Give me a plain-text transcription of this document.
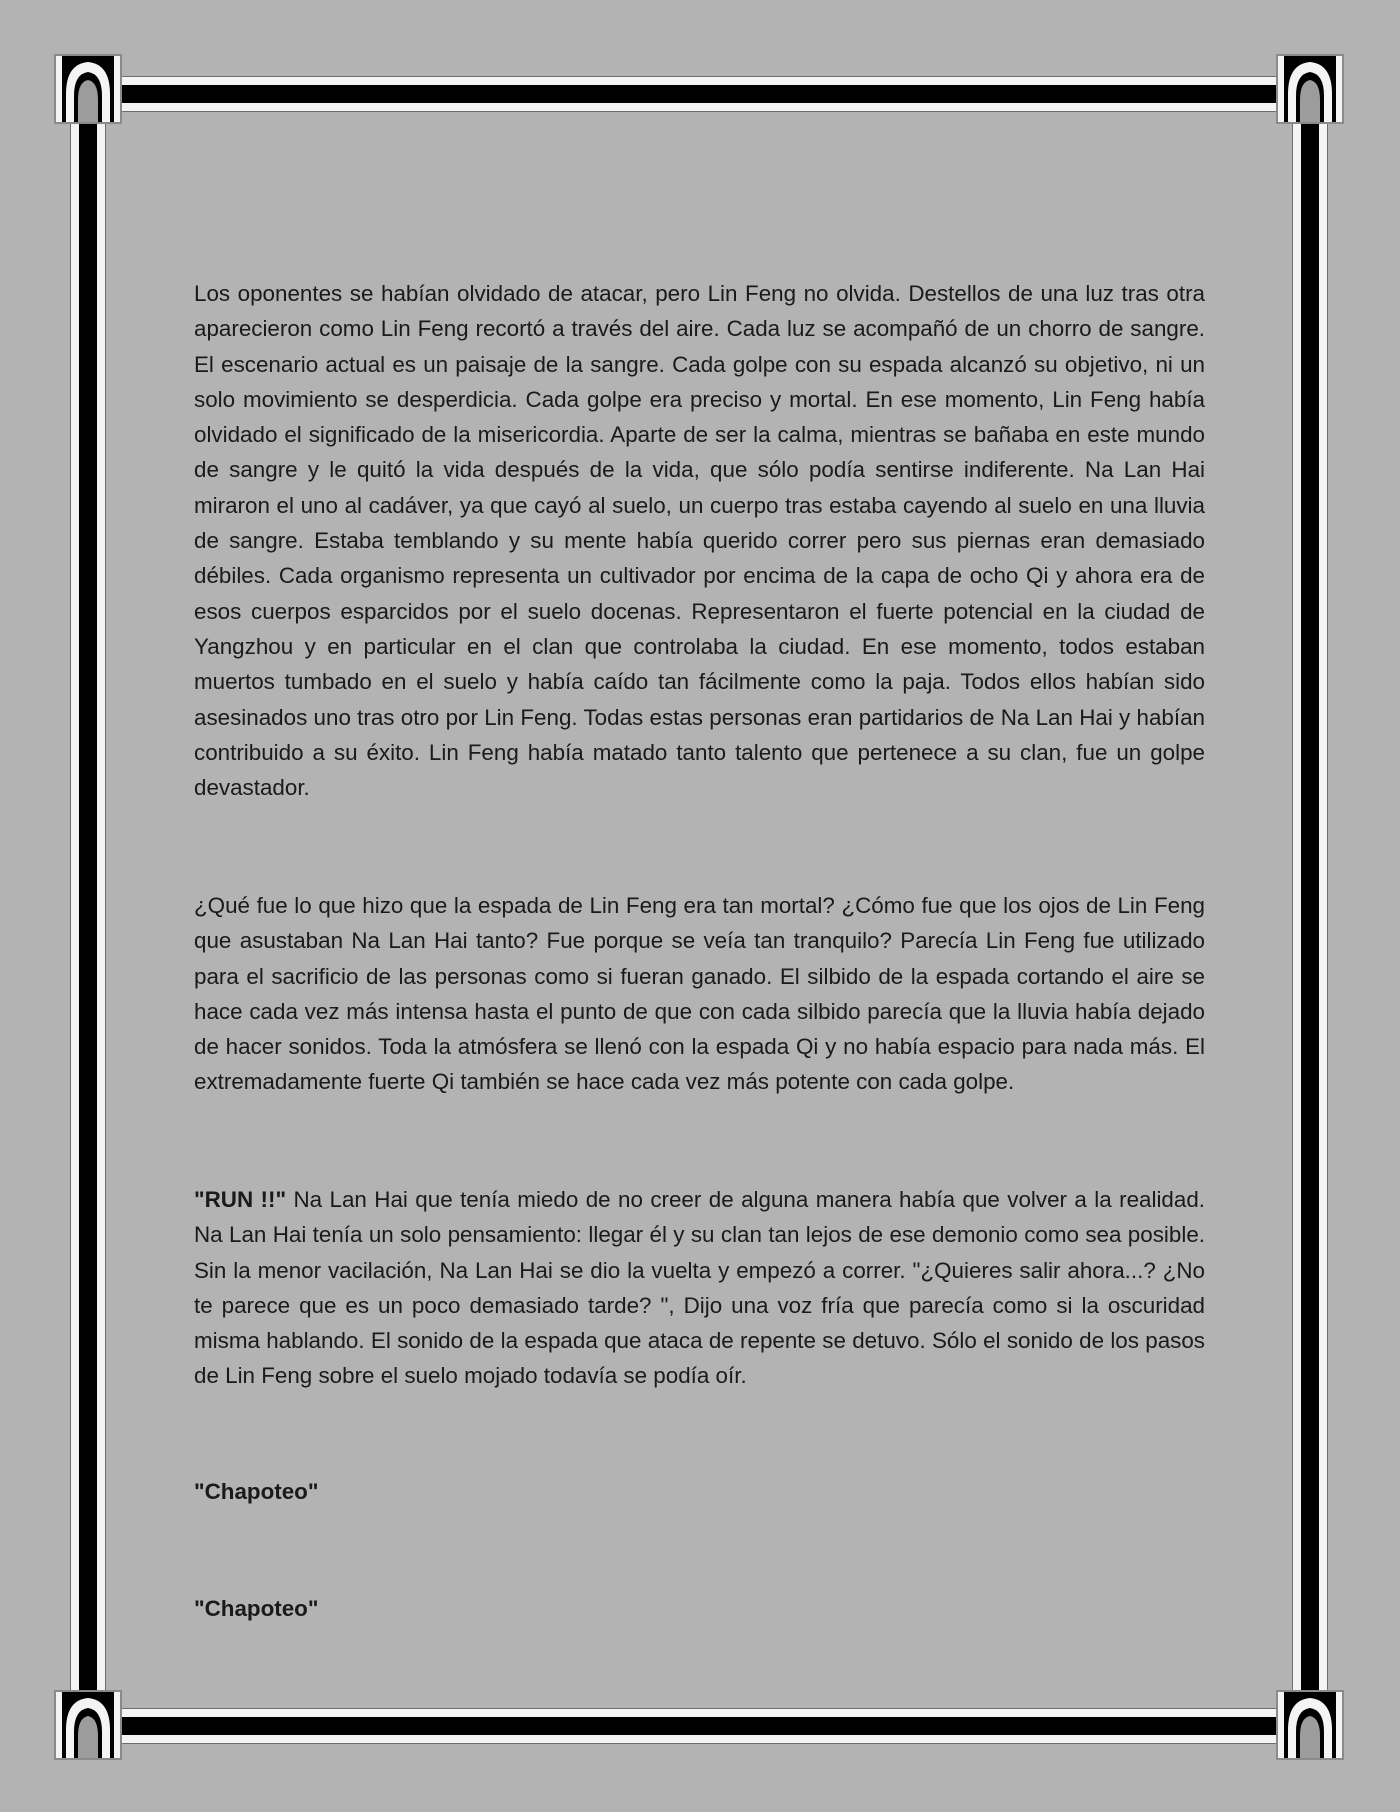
Los oponentes se habían olvidado de atacar, pero Lin Feng no olvida. Destellos de una luz tras otra aparecieron como Lin Feng recortó a través del aire. Cada luz se acompañó de un chorro de sangre. El escenario actual es un paisaje de la sangre. Cada golpe con su espada alcanzó su objetivo, ni un solo movimiento se desperdicia. Cada golpe era preciso y mortal. En ese momento, Lin Feng había olvidado el significado de la misericordia. Aparte de ser la calma, mientras se bañaba en este mundo de sangre y le quitó la vida después de la vida, que sólo podía sentirse indiferente. Na Lan Hai miraron el uno al cadáver, ya que cayó al suelo, un cuerpo tras estaba cayendo al suelo en una lluvia de sangre. Estaba temblando y su mente había querido correr pero sus piernas eran demasiado débiles. Cada organismo representa un cultivador por encima de la capa de ocho Qi y ahora era de esos cuerpos esparcidos por el suelo docenas. Representaron el fuerte potencial en la ciudad de Yangzhou y en particular en el clan que controlaba la ciudad. En ese momento, todos estaban muertos tumbado en el suelo y había caído tan fácilmente como la paja. Todos ellos habían sido asesinados uno tras otro por Lin Feng. Todas estas personas eran partidarios de Na Lan Hai y habían contribuido a su éxito. Lin Feng había matado tanto talento que pertenece a su clan, fue un golpe devastador.

¿Qué fue lo que hizo que la espada de Lin Feng era tan mortal? ¿Cómo fue que los ojos de Lin Feng que asustaban Na Lan Hai tanto? Fue porque se veía tan tranquilo? Parecía Lin Feng fue utilizado para el sacrificio de las personas como si fueran ganado. El silbido de la espada cortando el aire se hace cada vez más intensa hasta el punto de que con cada silbido parecía que la lluvia había dejado de hacer sonidos. Toda la atmósfera se llenó con la espada Qi y no había espacio para nada más. El extremadamente fuerte Qi también se hace cada vez más potente con cada golpe.

"RUN !!" Na Lan Hai que tenía miedo de no creer de alguna manera había que volver a la realidad. Na Lan Hai tenía un solo pensamiento: llegar él y su clan tan lejos de ese demonio como sea posible. Sin la menor vacilación, Na Lan Hai se dio la vuelta y empezó a correr. "¿Quieres salir ahora...? ¿No te parece que es un poco demasiado tarde? ", Dijo una voz fría que parecía como si la oscuridad misma hablando. El sonido de la espada que ataca de repente se detuvo. Sólo el sonido de los pasos de Lin Feng sobre el suelo mojado todavía se podía oír.

"Chapoteo"

"Chapoteo"
